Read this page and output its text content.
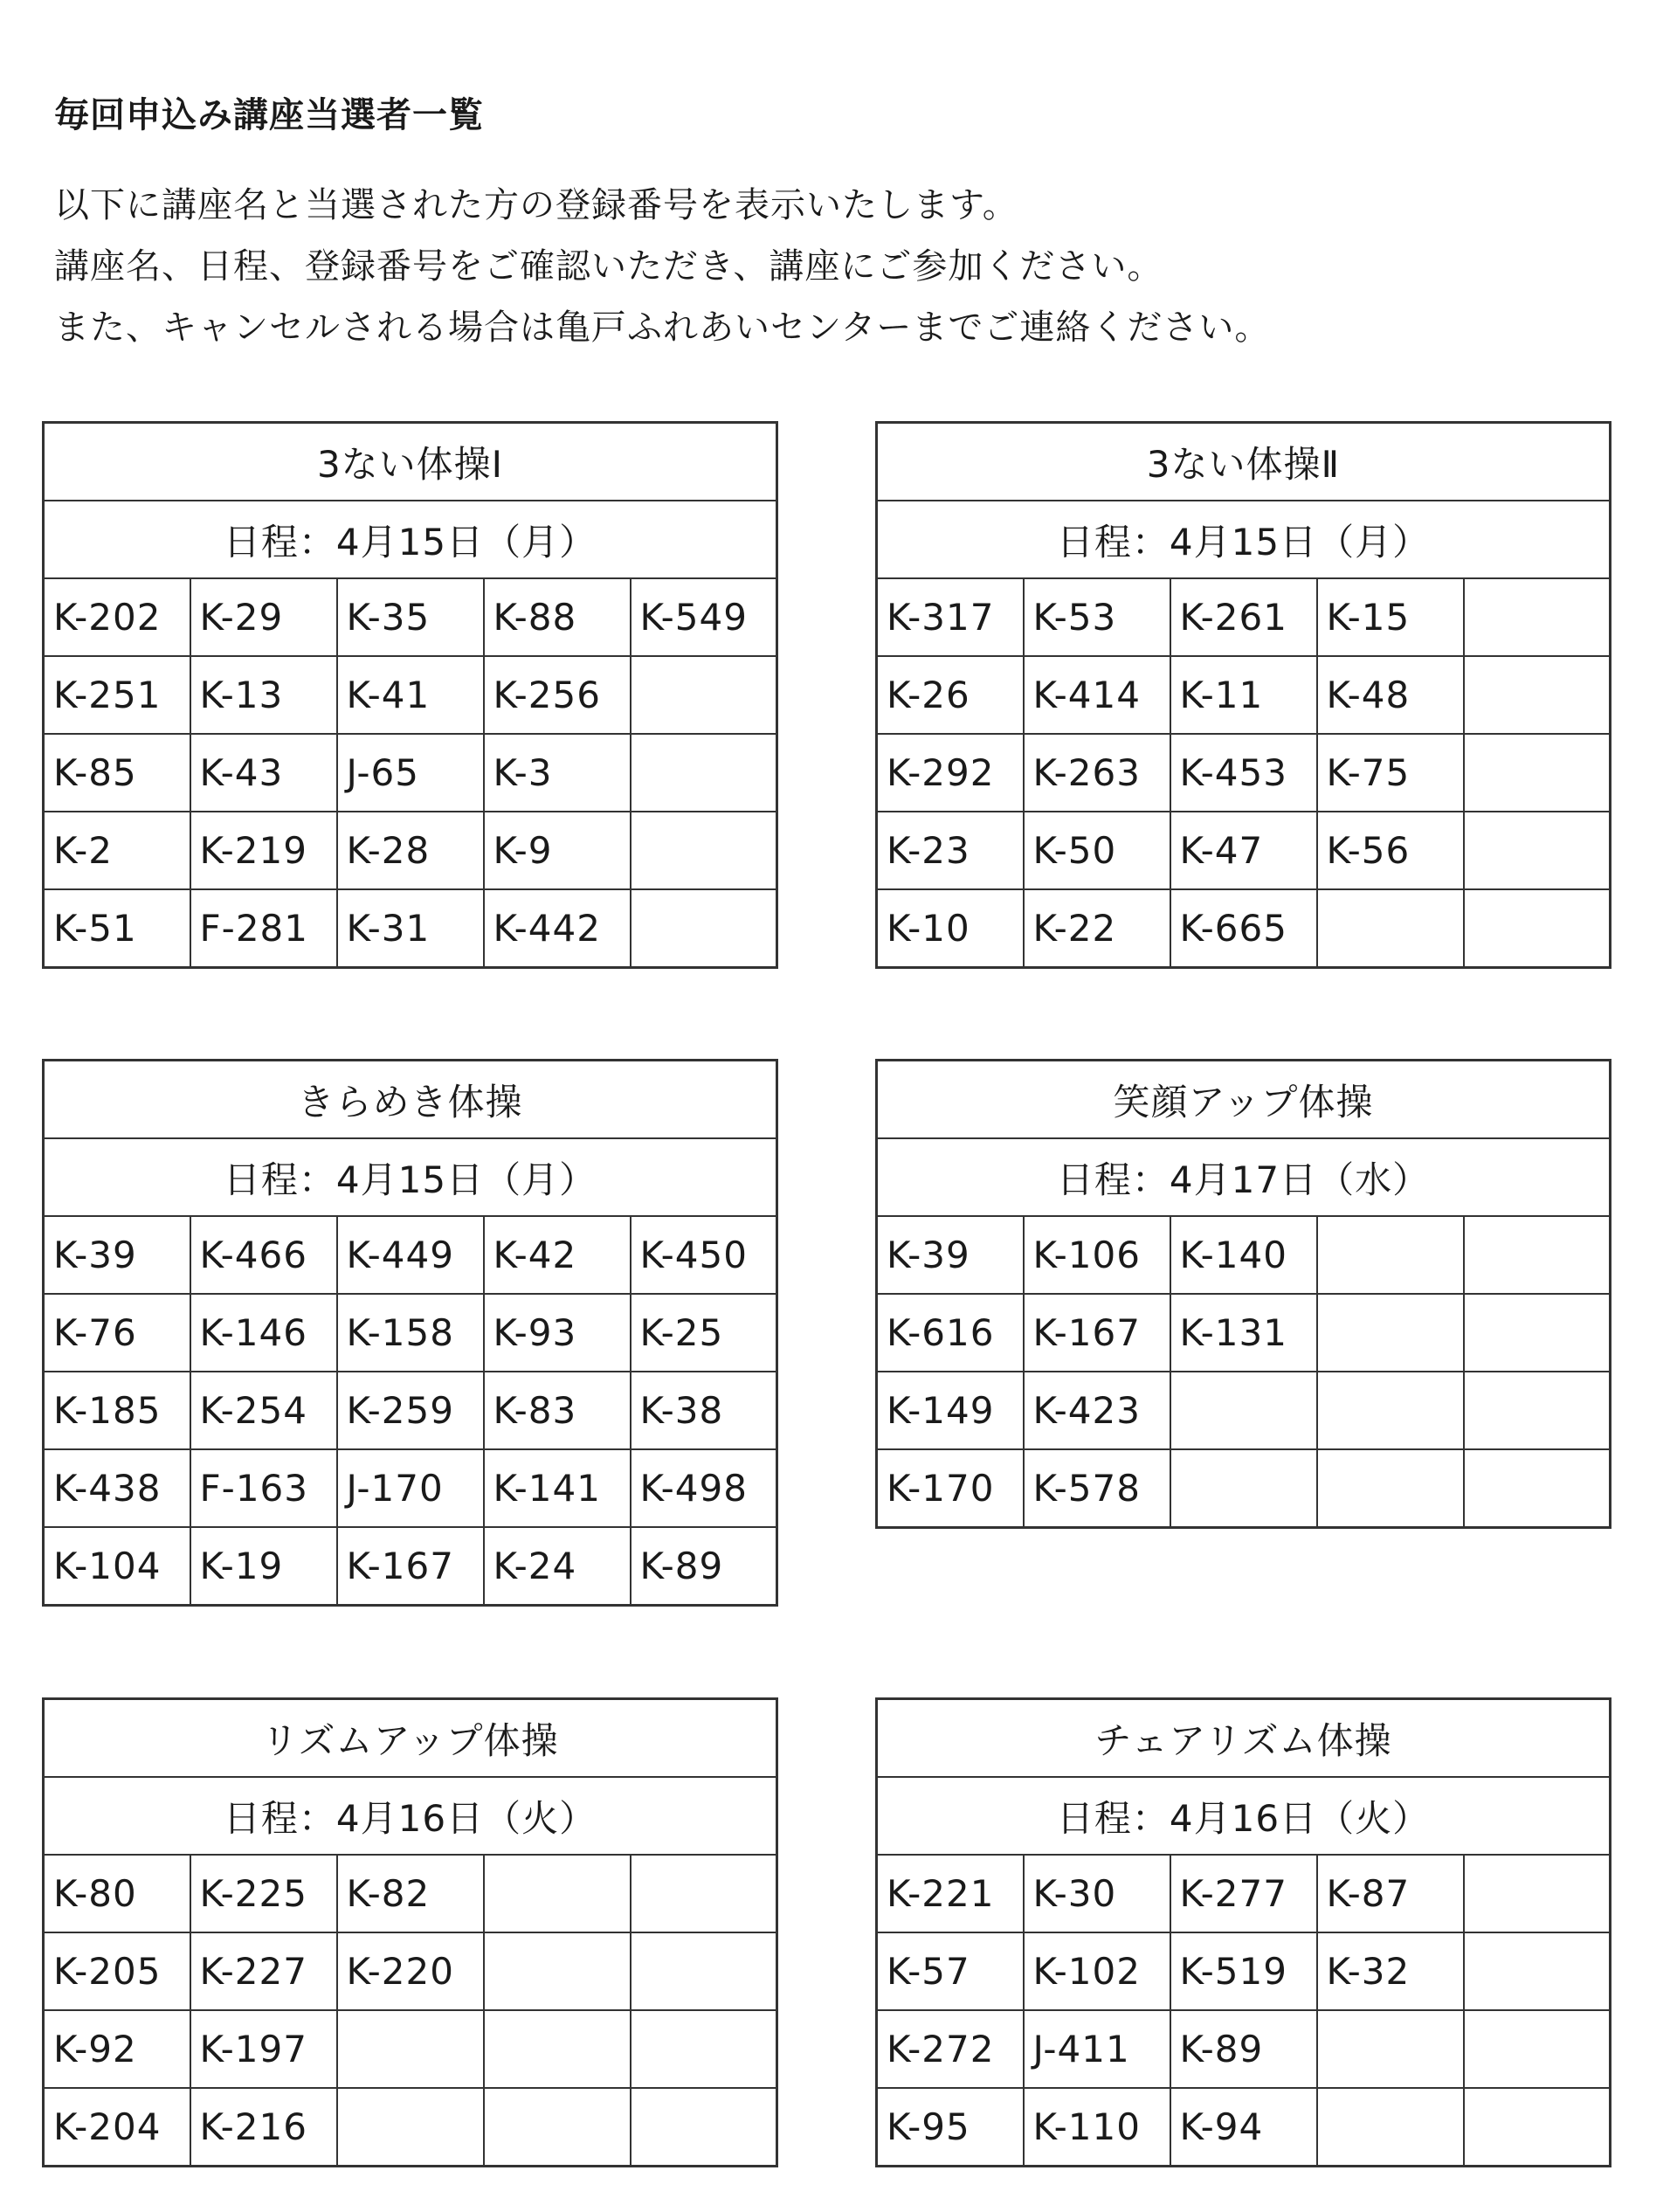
毎回申込み講座当選者一覧
以下に講座名と当選された方の登録番号を表示いたします。
講座名、日程、登録番号をご確認いただき、講座にご参加ください。
また、キャンセルされる場合は亀戸ふれあいセンターまでご連絡ください。
3ない体操Ⅰ				
日程：4月15日（月）				
K-202	K-29	K-35	K-88	K-549
K-251	K-13	K-41	K-256	
K-85	K-43	J-65	K-3	
K-2	K-219	K-28	K-9	
K-51	F-281	K-31	K-442	
3ない体操Ⅱ				
日程：4月15日（月）				
K-317	K-53	K-261	K-15	
K-26	K-414	K-11	K-48	
K-292	K-263	K-453	K-75	
K-23	K-50	K-47	K-56	
K-10	K-22	K-665		
きらめき体操				
日程：4月15日（月）				
K-39	K-466	K-449	K-42	K-450
K-76	K-146	K-158	K-93	K-25
K-185	K-254	K-259	K-83	K-38
K-438	F-163	J-170	K-141	K-498
K-104	K-19	K-167	K-24	K-89
笑顔アップ体操				
日程：4月17日（水）				
K-39	K-106	K-140		
K-616	K-167	K-131		
K-149	K-423			
K-170	K-578			
リズムアップ体操				
日程：4月16日（火）				
K-80	K-225	K-82		
K-205	K-227	K-220		
K-92	K-197			
K-204	K-216			
チェアリズム体操				
日程：4月16日（火）				
K-221	K-30	K-277	K-87	
K-57	K-102	K-519	K-32	
K-272	J-411	K-89		
K-95	K-110	K-94		
